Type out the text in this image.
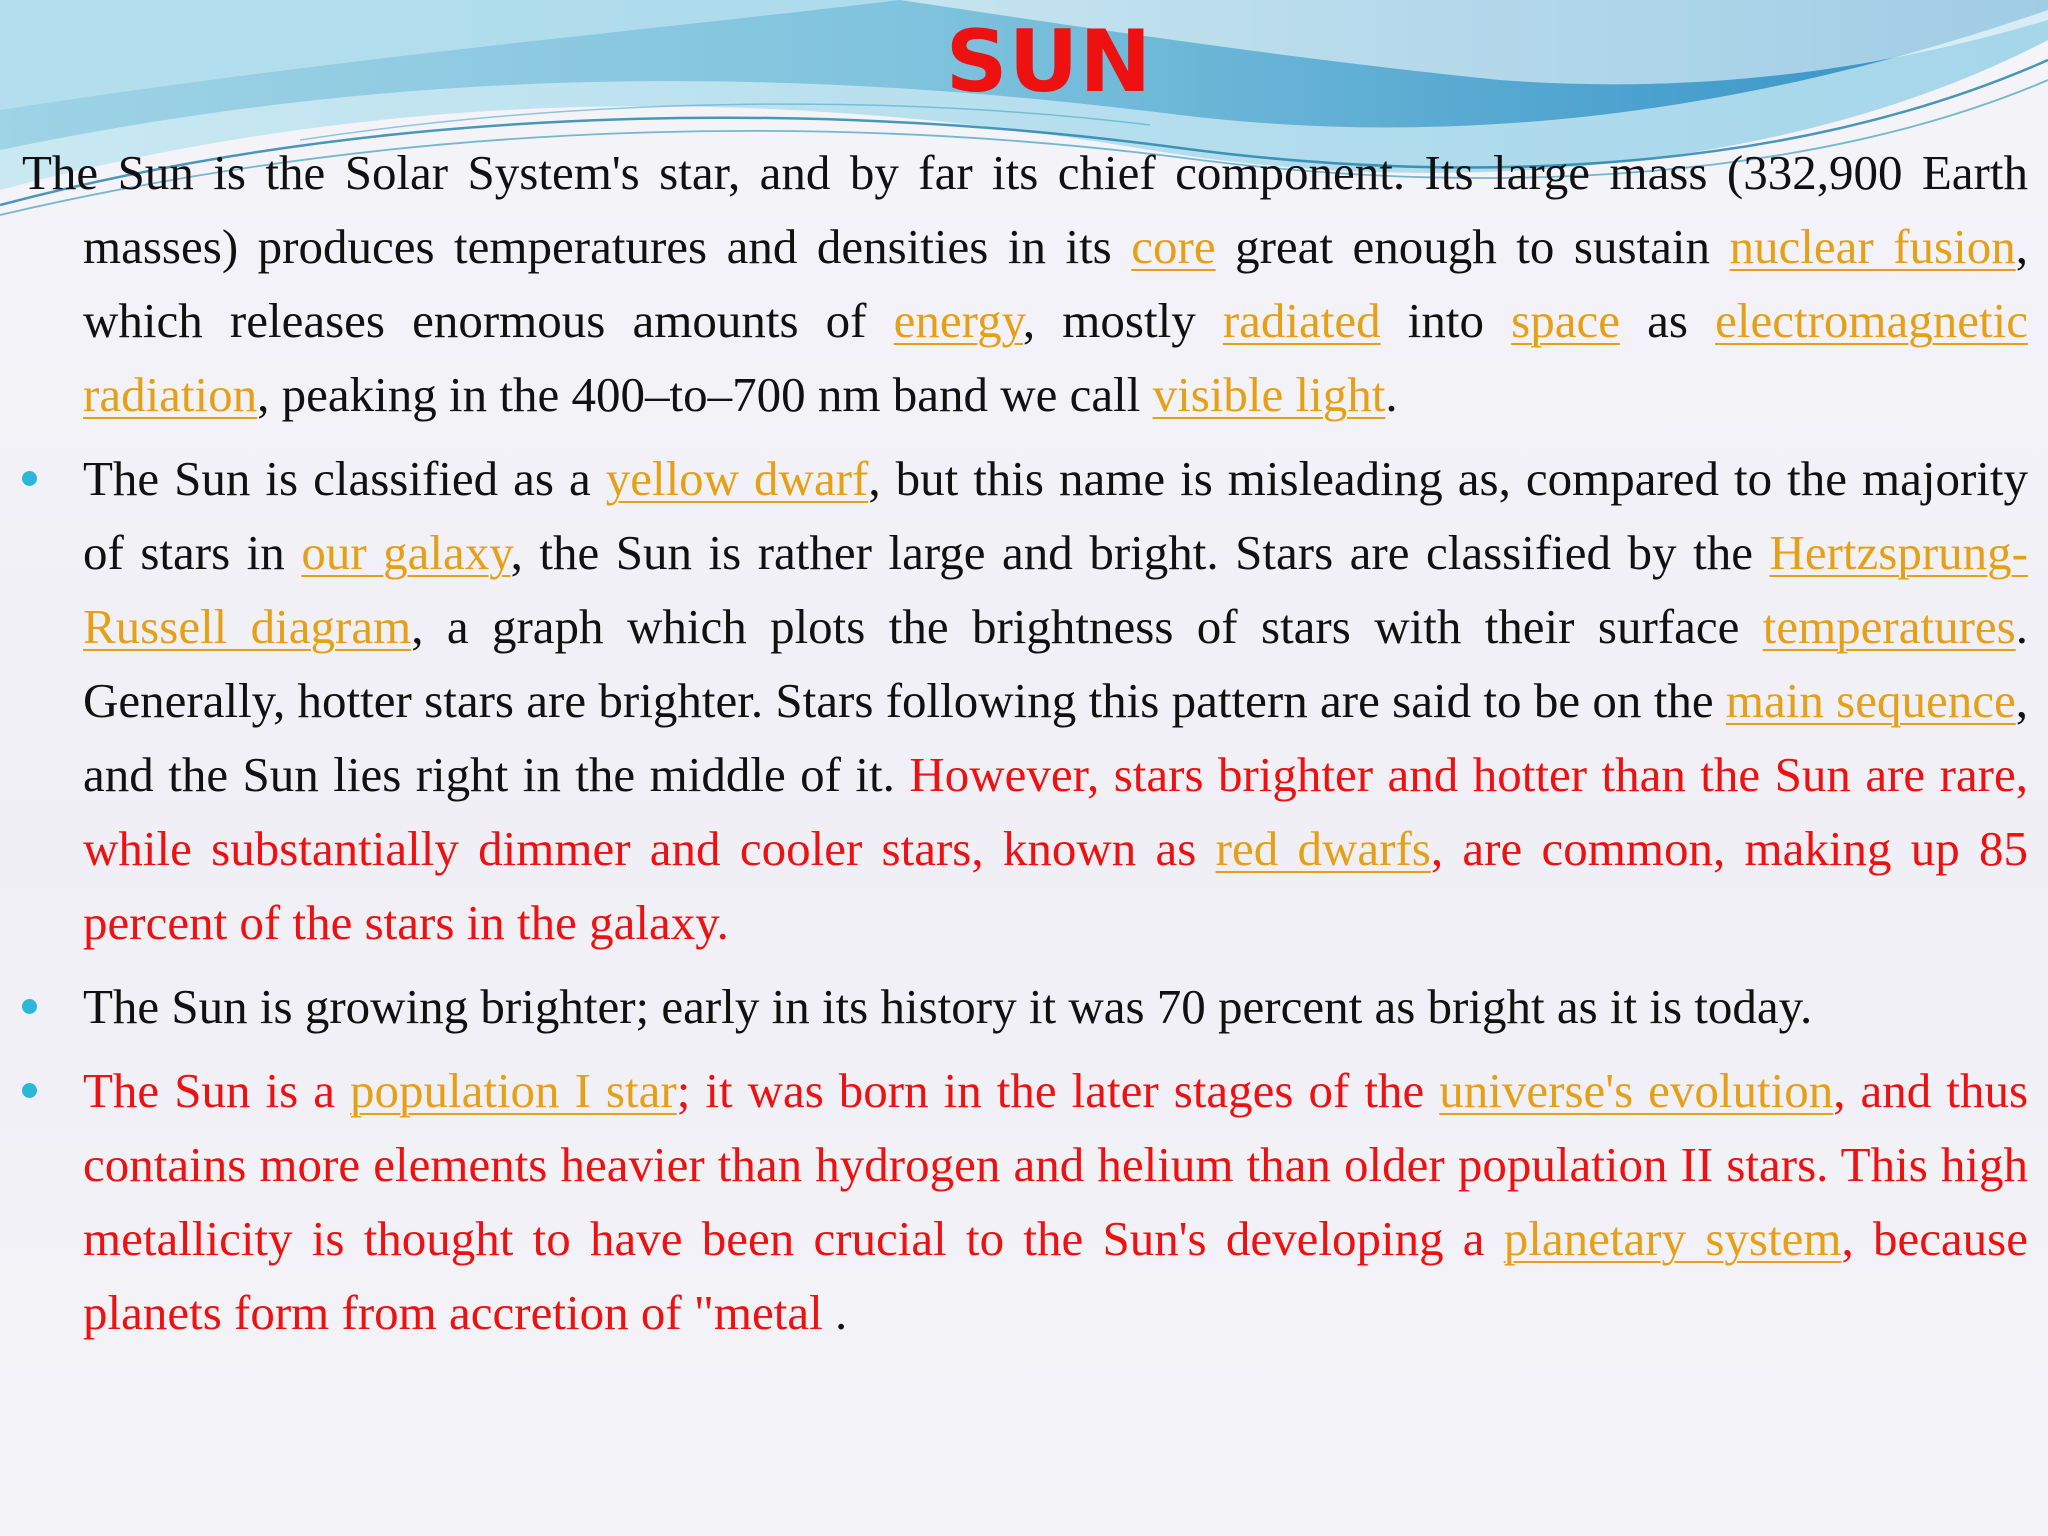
SUN

The Sun is the Solar System's star, and by far its chief component. Its large mass (332,900 Earth masses) produces temperatures and densities in its core great enough to sustain nuclear fusion, which releases enormous amounts of energy, mostly radiated into space as electromagnetic radiation, peaking in the 400–to–700 nm band we call visible light.

The Sun is classified as a yellow dwarf, but this name is misleading as, compared to the majority of stars in our galaxy, the Sun is rather large and bright. Stars are classified by the Hertzsprung-Russell diagram, a graph which plots the brightness of stars with their surface temperatures. Generally, hotter stars are brighter. Stars following this pattern are said to be on the main sequence, and the Sun lies right in the middle of it. However, stars brighter and hotter than the Sun are rare, while substantially dimmer and cooler stars, known as red dwarfs, are common, making up 85 percent of the stars in the galaxy.

The Sun is growing brighter; early in its history it was 70 percent as bright as it is today.

The Sun is a population I star; it was born in the later stages of the universe's evolution, and thus contains more elements heavier than hydrogen and helium than older population II stars. This high metallicity is thought to have been crucial to the Sun's developing a planetary system, because planets form from accretion of "metal .
